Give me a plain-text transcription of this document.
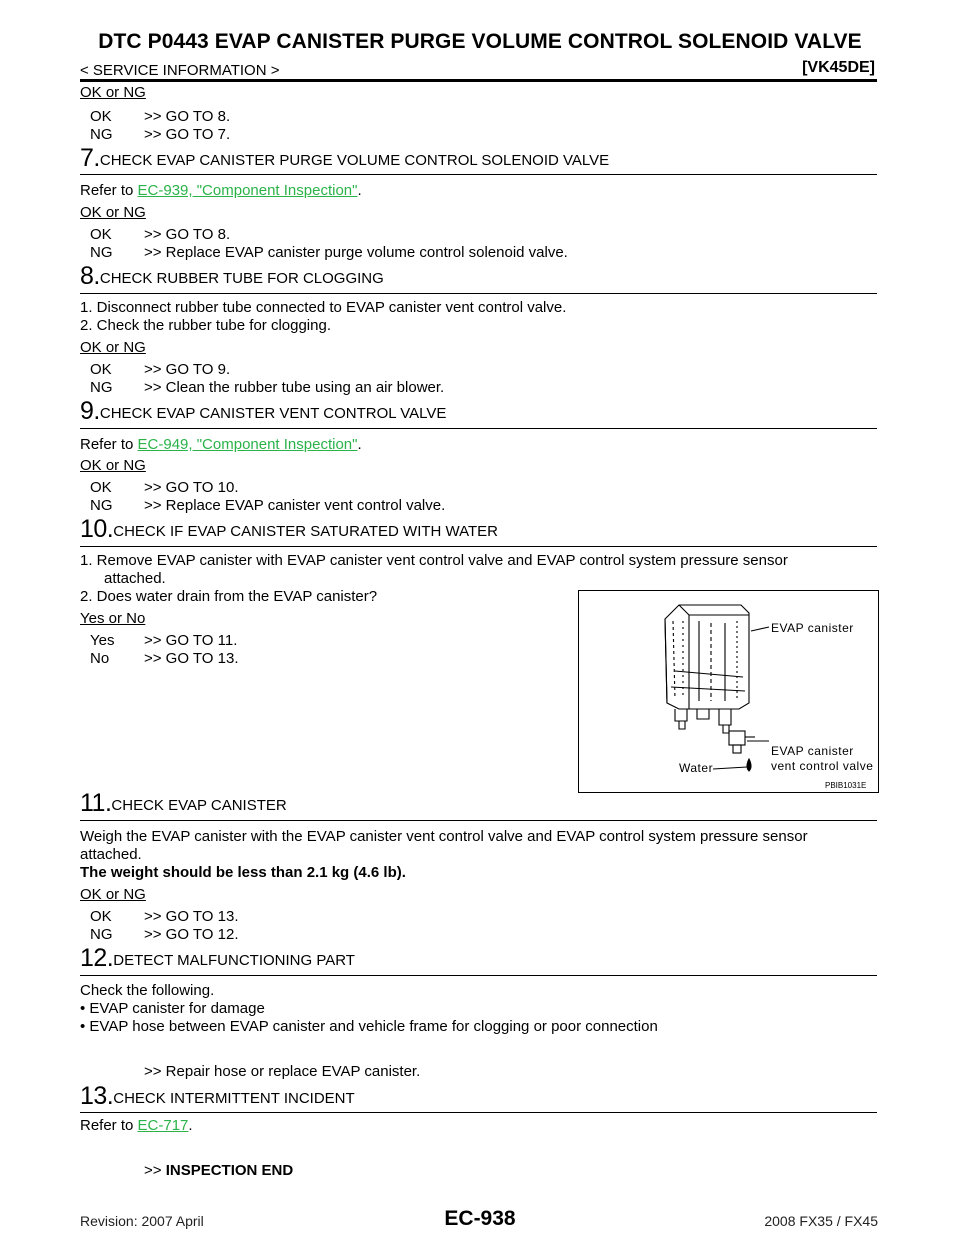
DTC P0443 EVAP CANISTER PURGE VOLUME CONTROL SOLENOID VALVE
< SERVICE INFORMATION >	[VK45DE]
OK or NG
OK >> GO TO 8.
NG >> GO TO 7.
7.CHECK EVAP CANISTER PURGE VOLUME CONTROL SOLENOID VALVE
Refer to EC-939, "Component Inspection".
OK or NG
OK >> GO TO 8.
NG >> Replace EVAP canister purge volume control solenoid valve.
8.CHECK RUBBER TUBE FOR CLOGGING
1. Disconnect rubber tube connected to EVAP canister vent control valve.
2. Check the rubber tube for clogging.
OK or NG
OK >> GO TO 9.
NG >> Clean the rubber tube using an air blower.
9.CHECK EVAP CANISTER VENT CONTROL VALVE
Refer to EC-949, "Component Inspection".
OK or NG
OK >> GO TO 10.
NG >> Replace EVAP canister vent control valve.
10.CHECK IF EVAP CANISTER SATURATED WITH WATER
1. Remove EVAP canister with EVAP canister vent control valve and EVAP control system pressure sensor
attached.
2. Does water drain from the EVAP canister?
Yes or No
Yes >> GO TO 11.
No >> GO TO 13.
EVAP canister
EVAP canister
vent control valve
Water
PBIB1031E
11.CHECK EVAP CANISTER
Weigh the EVAP canister with the EVAP canister vent control valve and EVAP control system pressure sensor
attached.
The weight should be less than 2.1 kg (4.6 lb).
OK or NG
OK >> GO TO 13.
NG >> GO TO 12.
12.DETECT MALFUNCTIONING PART
Check the following.
• EVAP canister for damage
• EVAP hose between EVAP canister and vehicle frame for clogging or poor connection
>> Repair hose or replace EVAP canister.
13.CHECK INTERMITTENT INCIDENT
Refer to EC-717.
>> INSPECTION END
EC-938
Revision: 2007 April	2008 FX35 / FX45
